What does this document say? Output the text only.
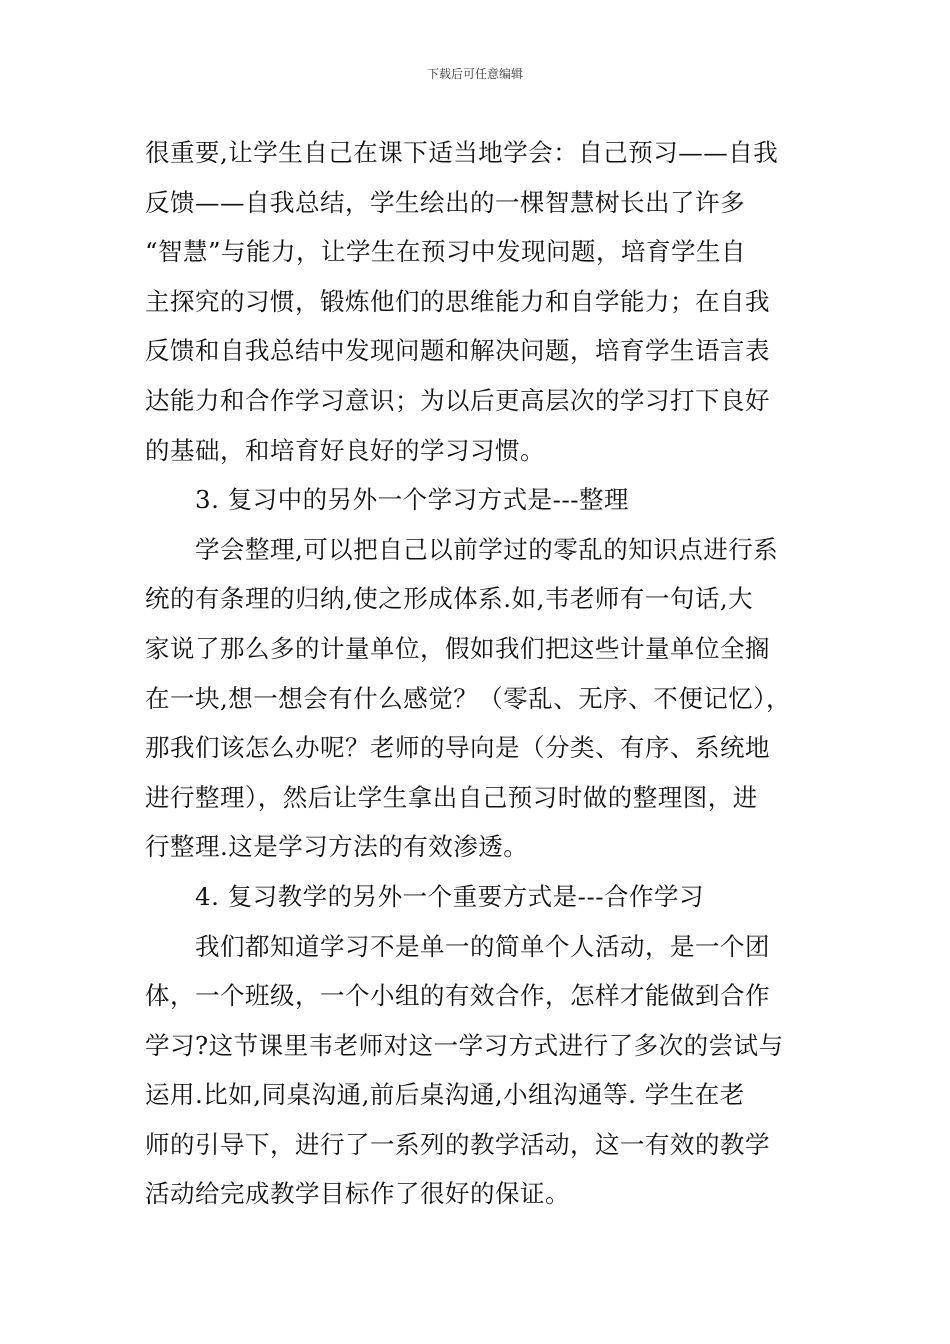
下载后可任意编辑
很重要,让学生自己在课下适当地学会：自己预习——自我
反馈——自我总结，学生绘出的一棵智慧树长出了许多
“智慧”与能力，让学生在预习中发现问题，培育学生自
主探究的习惯，锻炼他们的思维能力和自学能力；在自我
反馈和自我总结中发现问题和解决问题，培育学生语言表
达能力和合作学习意识；为以后更高层次的学习打下良好
的基础，和培育好良好的学习习惯。
3. 复习中的另外一个学习方式是---整理
学会整理,可以把自己以前学过的零乱的知识点进行系
统的有条理的归纳,使之形成体系.如,韦老师有一句话,大
家说了那么多的计量单位，假如我们把这些计量单位全搁
在一块,想一想会有什么感觉？（零乱、无序、不便记忆），
那我们该怎么办呢？老师的导向是（分类、有序、系统地
进行整理），然后让学生拿出自己预习时做的整理图，进
行整理.这是学习方法的有效渗透。
4. 复习教学的另外一个重要方式是---合作学习
我们都知道学习不是单一的简单个人活动，是一个团
体，一个班级，一个小组的有效合作，怎样才能做到合作
学习?这节课里韦老师对这一学习方式进行了多次的尝试与
运用.比如,同桌沟通,前后桌沟通,小组沟通等. 学生在老
师的引导下，进行了一系列的教学活动，这一有效的教学
活动给完成教学目标作了很好的保证。
